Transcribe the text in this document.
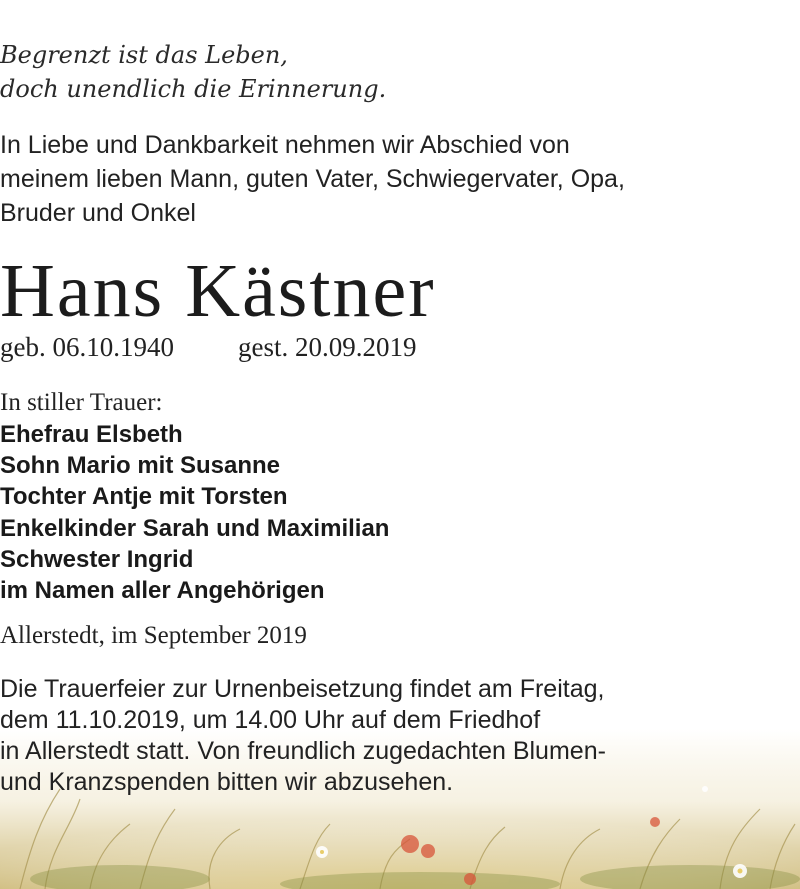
Begrenzt ist das Leben,
doch unendlich die Erinnerung.
In Liebe und Dankbarkeit nehmen wir Abschied von
meinem lieben Mann, guten Vater, Schwiegervater, Opa,
Bruder und Onkel
Hans Kästner
geb. 06.10.1940 gest. 20.09.2019
In stiller Trauer:
Ehefrau Elsbeth
Sohn Mario mit Susanne
Tochter Antje mit Torsten
Enkelkinder Sarah und Maximilian
Schwester Ingrid
im Namen aller Angehörigen
Allerstedt, im September 2019
Die Trauerfeier zur Urnenbeisetzung findet am Freitag,
dem 11.10.2019, um 14.00 Uhr auf dem Friedhof
in Allerstedt statt. Von freundlich zugedachten Blumen-
und Kranzspenden bitten wir abzusehen.
